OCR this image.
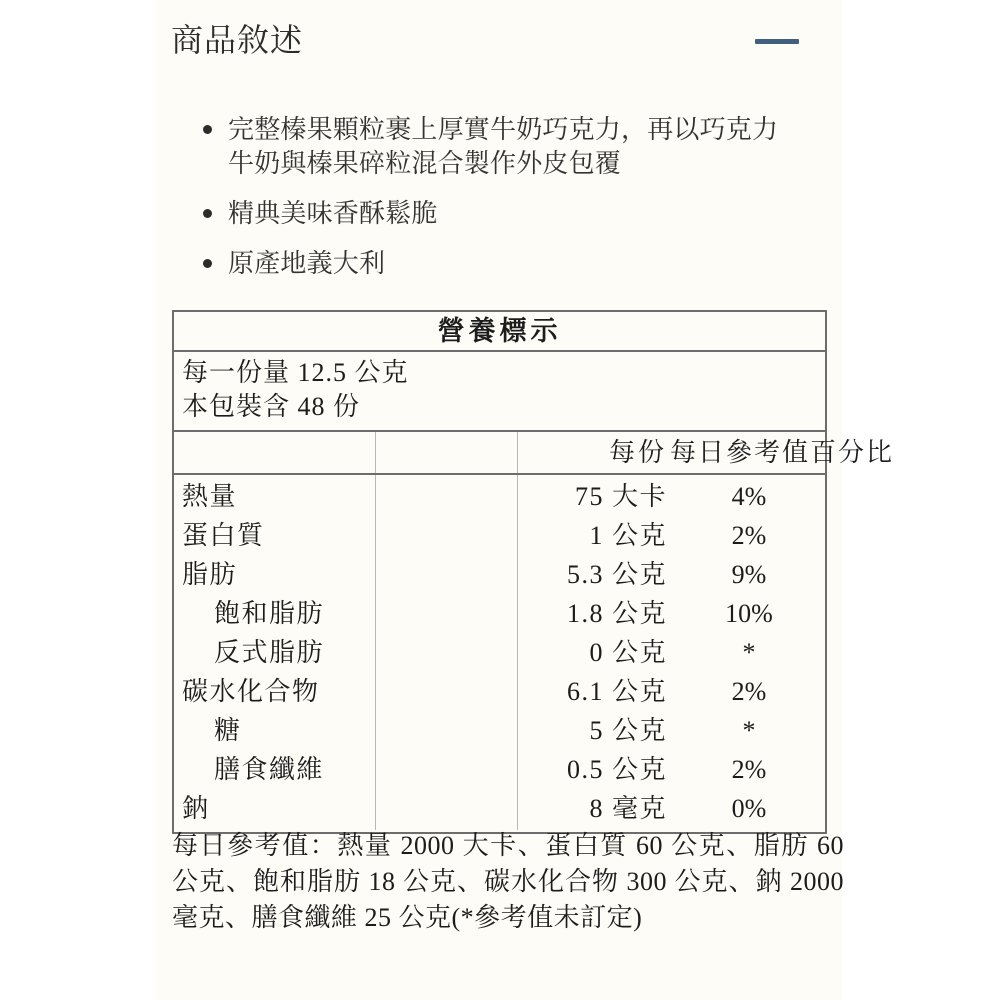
商品敘述
完整榛果顆粒裹上厚實牛奶巧克力，再以巧克力牛奶與榛果碎粒混合製作外皮包覆
精典美味香酥鬆脆
原產地義大利
營養標示
每一份量 12.5 公克
本包裝含 48 份
每份 每日參考值百分比
熱量	75 大卡	4%
蛋白質	1 公克	2%
脂肪	5.3 公克	9%
飽和脂肪	1.8 公克	10%
反式脂肪	0 公克	*
碳水化合物	6.1 公克	2%
糖	5 公克	*
膳食纖維	0.5 公克	2%
鈉	8 毫克	0%
每日參考值：熱量 2000 大卡、蛋白質 60 公克、脂肪 60 公克、飽和脂肪 18 公克、碳水化合物 300 公克、鈉 2000 毫克、膳食纖維 25 公克(*參考值未訂定)
